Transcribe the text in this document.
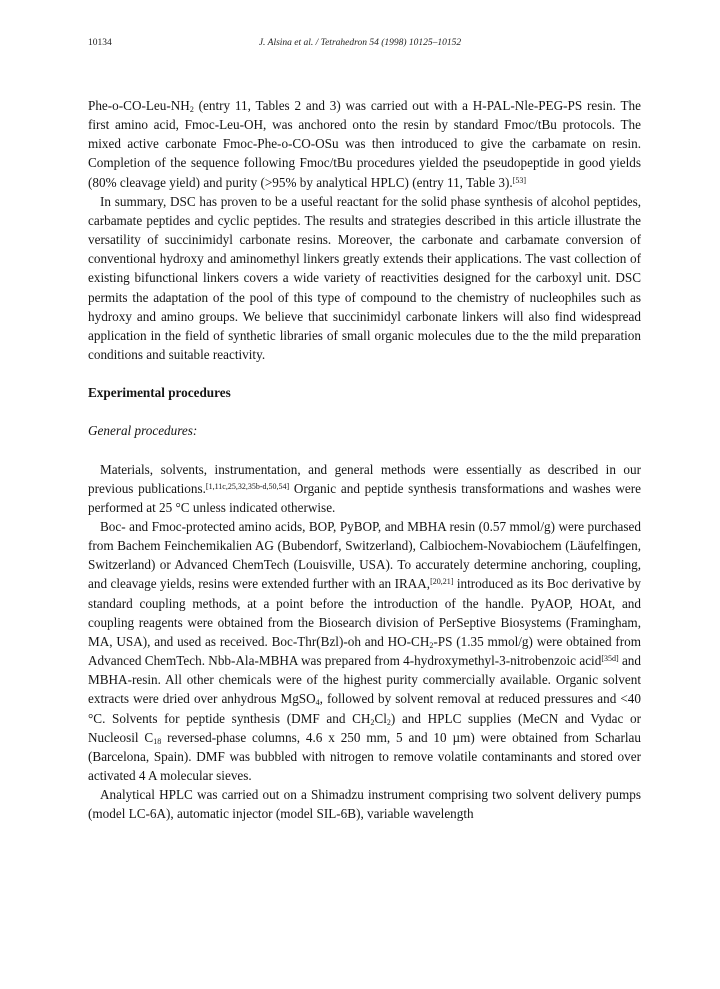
10134	J. Alsina et al. / Tetrahedron 54 (1998) 10125–10152

Phe-$o-CO-Leu-NH_2$ (entry 11, Tables 2 and 3) was carried out with a H-PAL-Nle-PEG-PS resin. The first amino acid, Fmoc-Leu-OH, was anchored onto the resin by standard Fmoc/tBu protocols. The mixed active carbonate Fmoc-Phe-o-CO-OSu was then introduced to give the carbamate on resin. Completion of the sequence following Fmoc/tBu procedures yielded the pseudopeptide in good yields (80% cleavage yield) and purity (>95% by analytical HPLC) (entry 11, Table 3).[53]

In summary, DSC has proven to be a useful reactant for the solid phase synthesis of alcohol peptides, carbamate peptides and cyclic peptides. The results and strategies described in this article illustrate the versatility of succinimidyl carbonate resins. Moreover, the carbonate and carbamate conversion of conventional hydroxy and aminomethyl linkers greatly extends their applications. The vast collection of existing bifunctional linkers covers a wide variety of reactivities designed for the carboxyl unit. DSC permits the adaptation of the pool of this type of compound to the chemistry of nucleophiles such as hydroxy and amino groups. We believe that succinimidyl carbonate linkers will also find widespread application in the field of synthetic libraries of small organic molecules due to the the mild preparation conditions and suitable reactivity.

Experimental procedures
General procedures:

Materials, solvents, instrumentation, and general methods were essentially as described in our previous publications.[1,11c,25,32,35b-d,50,54] Organic and peptide synthesis transformations and washes were performed at 25 °C unless indicated otherwise.

Boc- and Fmoc-protected amino acids, BOP, PyBOP, and MBHA resin (0.57 mmol/g) were purchased from Bachem Feinchemikalien AG (Bubendorf, Switzerland), Calbiochem-Novabiochem (Läufelfingen, Switzerland) or Advanced ChemTech (Louisville, USA). To accurately determine anchoring, coupling, and cleavage yields, resins were extended further with an IRAA,[20,21] introduced as its Boc derivative by standard coupling methods, at a point before the introduction of the handle. PyAOP, HOAt, and coupling reagents were obtained from the Biosearch division of PerSeptive Biosystems (Framingham, MA, USA), and used as received. Boc-Thr(Bzl)-oh and $HO-CH_2-PS$ (1.35 mmol/g) were obtained from Advanced ChemTech. Nbb-Ala-MBHA was prepared from 4-hydroxymethyl-3-nitrobenzoic acid[35d] and MBHA-resin. All other chemicals were of the highest purity commercially available. Organic solvent extracts were dried over anhydrous MgSO$_4$, followed by solvent removal at reduced pressures and <40 °C. Solvents for peptide synthesis (DMF and $CH_2Cl_2$) and HPLC supplies (MeCN and Vydac or Nucleosil $C_{18}$ reversed-phase columns, 4.6 x 250 mm, 5 and 10 µm) were obtained from Scharlau (Barcelona, Spain). DMF was bubbled with nitrogen to remove volatile contaminants and stored over activated 4 A molecular sieves.

Analytical HPLC was carried out on a Shimadzu instrument comprising two solvent delivery pumps (model LC-6A), automatic injector (model SIL-6B), variable wavelength
